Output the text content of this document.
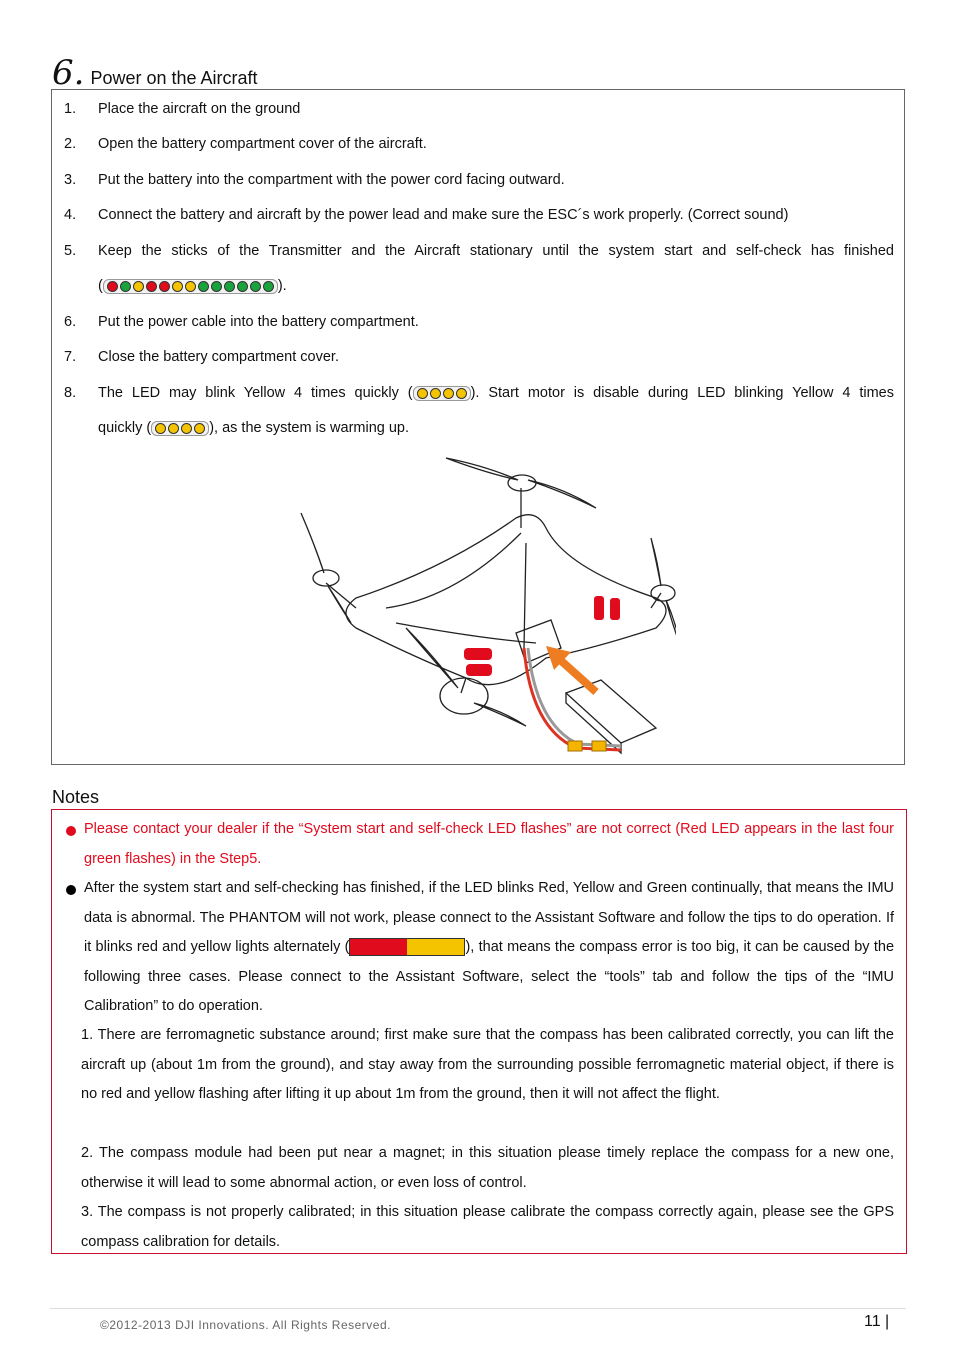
6. Power on the Aircraft
1.	Place the aircraft on the ground
2.	Open the battery compartment cover of the aircraft.
3.	Put the battery into the compartment with the power cord facing outward.
4.	Connect the battery and aircraft by the power lead and make sure the ESC´s work properly. (Correct sound)
5.	Keep the sticks of the Transmitter and the Aircraft stationary until the system start and self-check has finished
(	).
6.	Put the power cable into the battery compartment.
7.	Close the battery compartment cover.
8.	The LED may blink Yellow 4 times quickly (	). Start motor is disable during LED blinking Yellow 4 times
quickly (	), as the system is warming up.
Notes
Please contact your dealer if the “System start and self-check LED flashes” are not correct (Red LED appears in the last four green flashes) in the Step5.
After the system start and self-checking has finished, if the LED blinks Red, Yellow and Green continually, that means the IMU data is abnormal. The PHANTOM will not work, please connect to the Assistant Software and follow the tips to do operation. If it blinks red and yellow lights alternately (	), that means the compass error is too big, it can be caused by the following three cases. Please connect to the Assistant Software, select the “tools” tab and follow the tips of the “IMU Calibration” to do operation.
1. There are ferromagnetic substance around; first make sure that the compass has been calibrated correctly, you can lift the aircraft up (about 1m from the ground), and stay away from the surrounding possible ferromagnetic material object, if there is no red and yellow flashing after lifting it up about 1m from the ground, then it will not affect the flight.
2. The compass module had been put near a magnet; in this situation please timely replace the compass for a new one, otherwise it will lead to some abnormal action, or even loss of control.
3. The compass is not properly calibrated; in this situation please calibrate the compass correctly again, please see the GPS compass calibration for details.
©2012-2013 DJI Innovations. All Rights Reserved.	11 |
